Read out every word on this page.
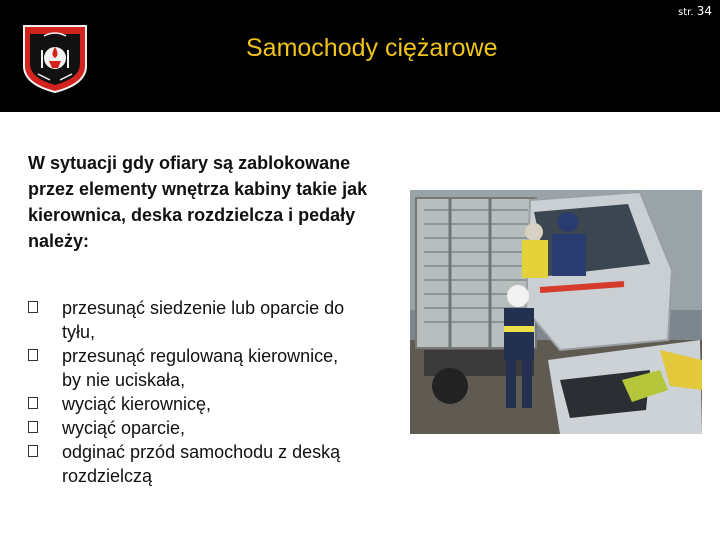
str. 34
Samochody ciężarowe
W sytuacji gdy ofiary są zablokowane przez elementy wnętrza kabiny takie jak kierownica, deska rozdzielcza i pedały należy:
przesunąć siedzenie lub oparcie do tyłu,
przesunąć regulowaną kierownice, by nie uciskała,
wyciąć kierownicę,
wyciąć oparcie,
odginać przód samochodu z deską rozdzielczą
